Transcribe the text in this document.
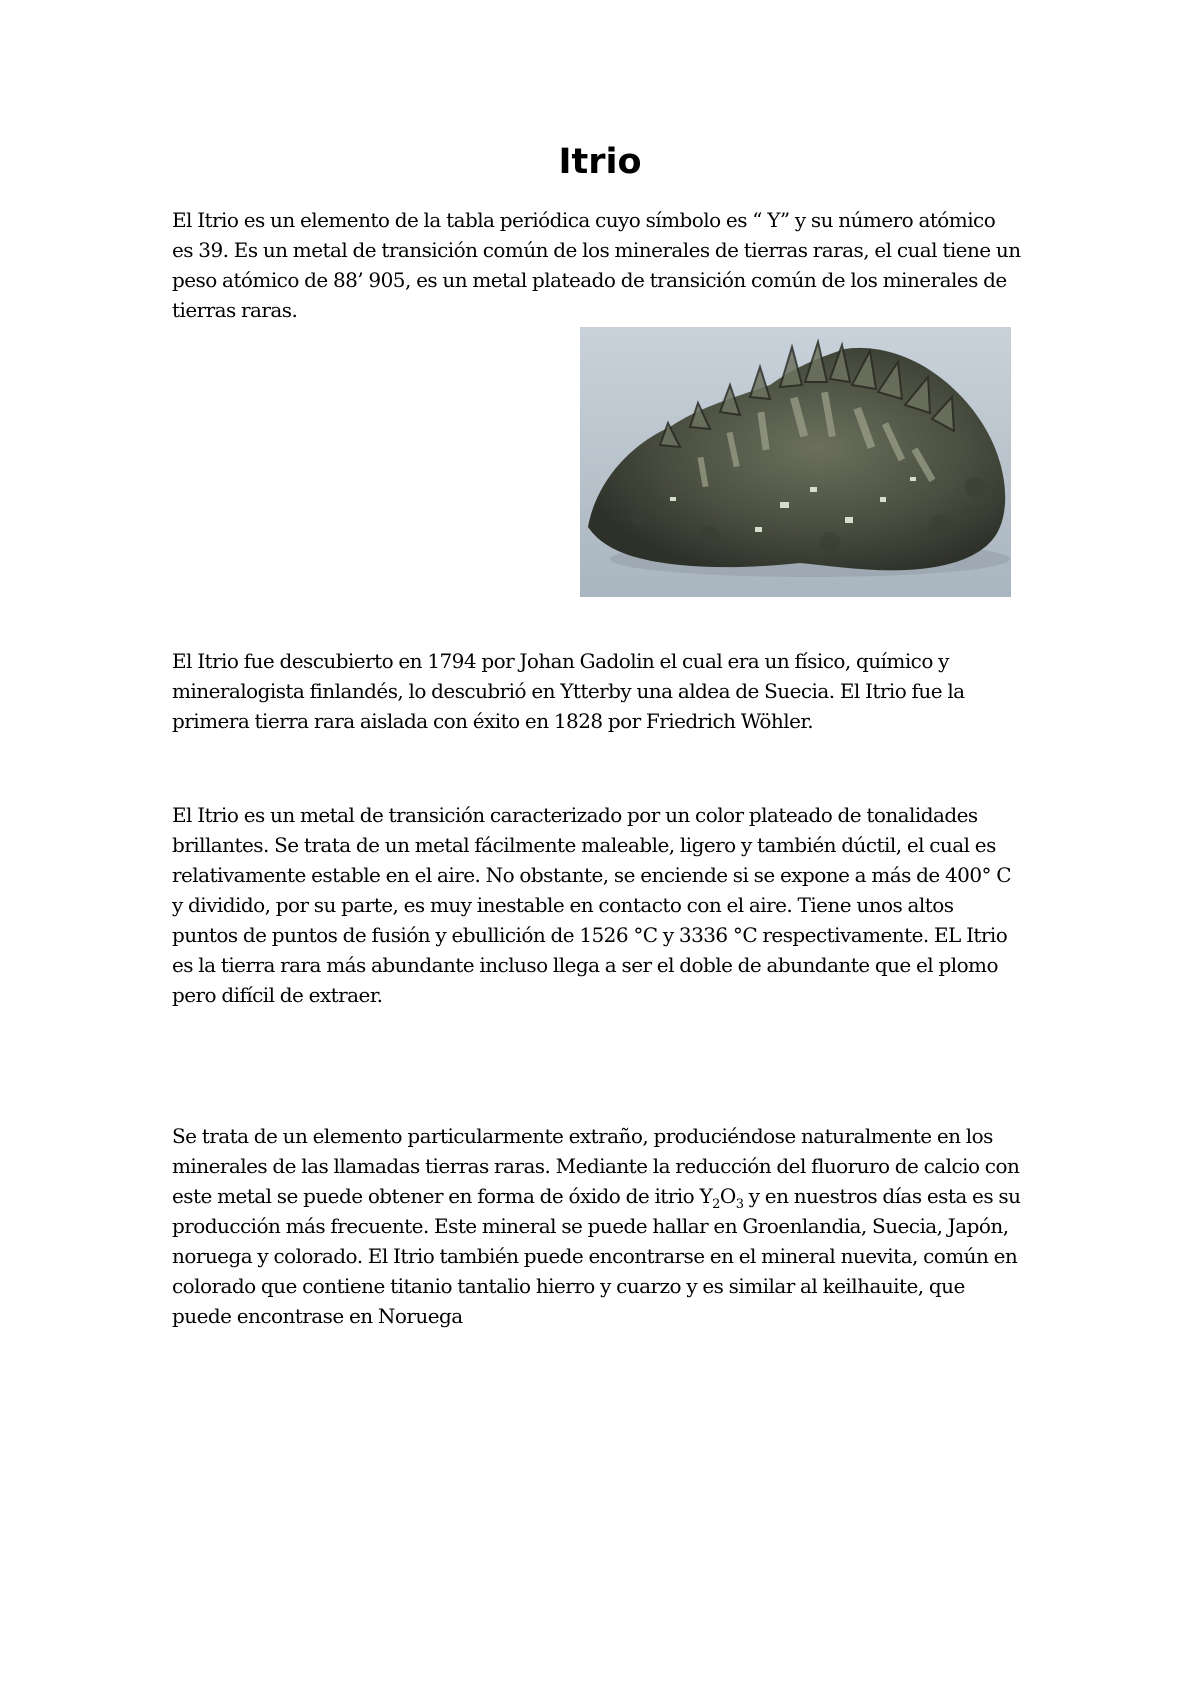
Itrio

El Itrio es un elemento de la tabla periódica cuyo símbolo es “ Y” y su número atómico
es 39. Es un metal de transición común de los minerales de tierras raras, el cual tiene un
peso atómico de 88’ 905, es un metal plateado de transición común de los minerales de
tierras raras.

El Itrio fue descubierto en 1794 por Johan Gadolin el cual era un físico, químico y
mineralogista finlandés, lo descubrió en Ytterby una aldea de Suecia. El Itrio fue la
primera tierra rara aislada con éxito en 1828 por Friedrich Wöhler.

El Itrio es un metal de transición caracterizado por un color plateado de tonalidades
brillantes. Se trata de un metal fácilmente maleable, ligero y también dúctil, el cual es
relativamente estable en el aire. No obstante, se enciende si se expone a más de 400° C
y dividido, por su parte, es muy inestable en contacto con el aire. Tiene unos altos
puntos de puntos de fusión y ebullición de 1526 °C y 3336 °C respectivamente. EL Itrio
es la tierra rara más abundante incluso llega a ser el doble de abundante que el plomo
pero difícil de extraer.

Se trata de un elemento particularmente extraño, produciéndose naturalmente en los
minerales de las llamadas tierras raras. Mediante la reducción del fluoruro de calcio con
este metal se puede obtener en forma de óxido de itrio $Y_2O_3$ y en nuestros días esta es su
producción más frecuente. Este mineral se puede hallar en Groenlandia, Suecia, Japón,
noruega y colorado. El Itrio también puede encontrarse en el mineral nuevita, común en
colorado que contiene titanio tantalio hierro y cuarzo y es similar al keilhauite, que
puede encontrase en Noruega
